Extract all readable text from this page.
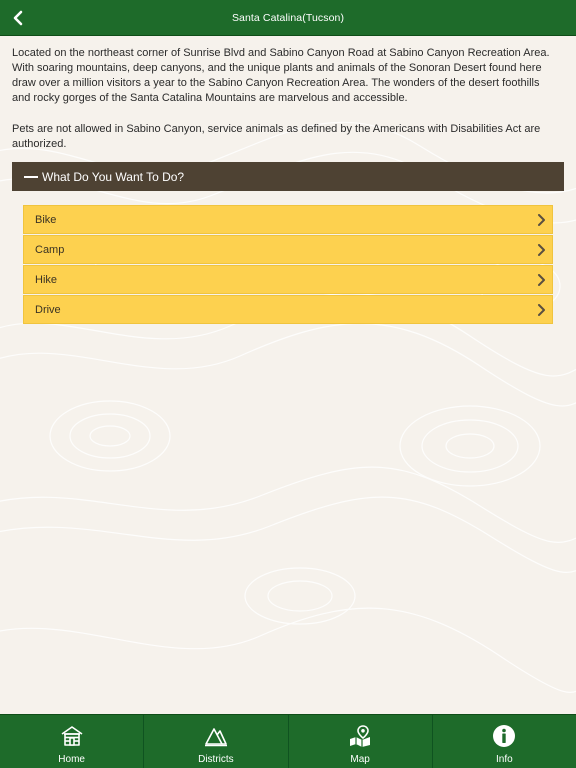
Santa Catalina(Tucson)

Located on the northeast corner of Sunrise Blvd and Sabino Canyon Road at Sabino Canyon Recreation Area. With soaring mountains, deep canyons, and the unique plants and animals of the Sonoran Desert found here draw over a million visitors a year to the Sabino Canyon Recreation Area. The wonders of the desert foothills and rocky gorges of the Santa Catalina Mountains are marvelous and accessible.

Pets are not allowed in Sabino Canyon, service animals as defined by the Americans with Disabilities Act are authorized.

What Do You Want To Do?
Bike
Camp
Hike
Drive
Home	Districts	Map	Info
